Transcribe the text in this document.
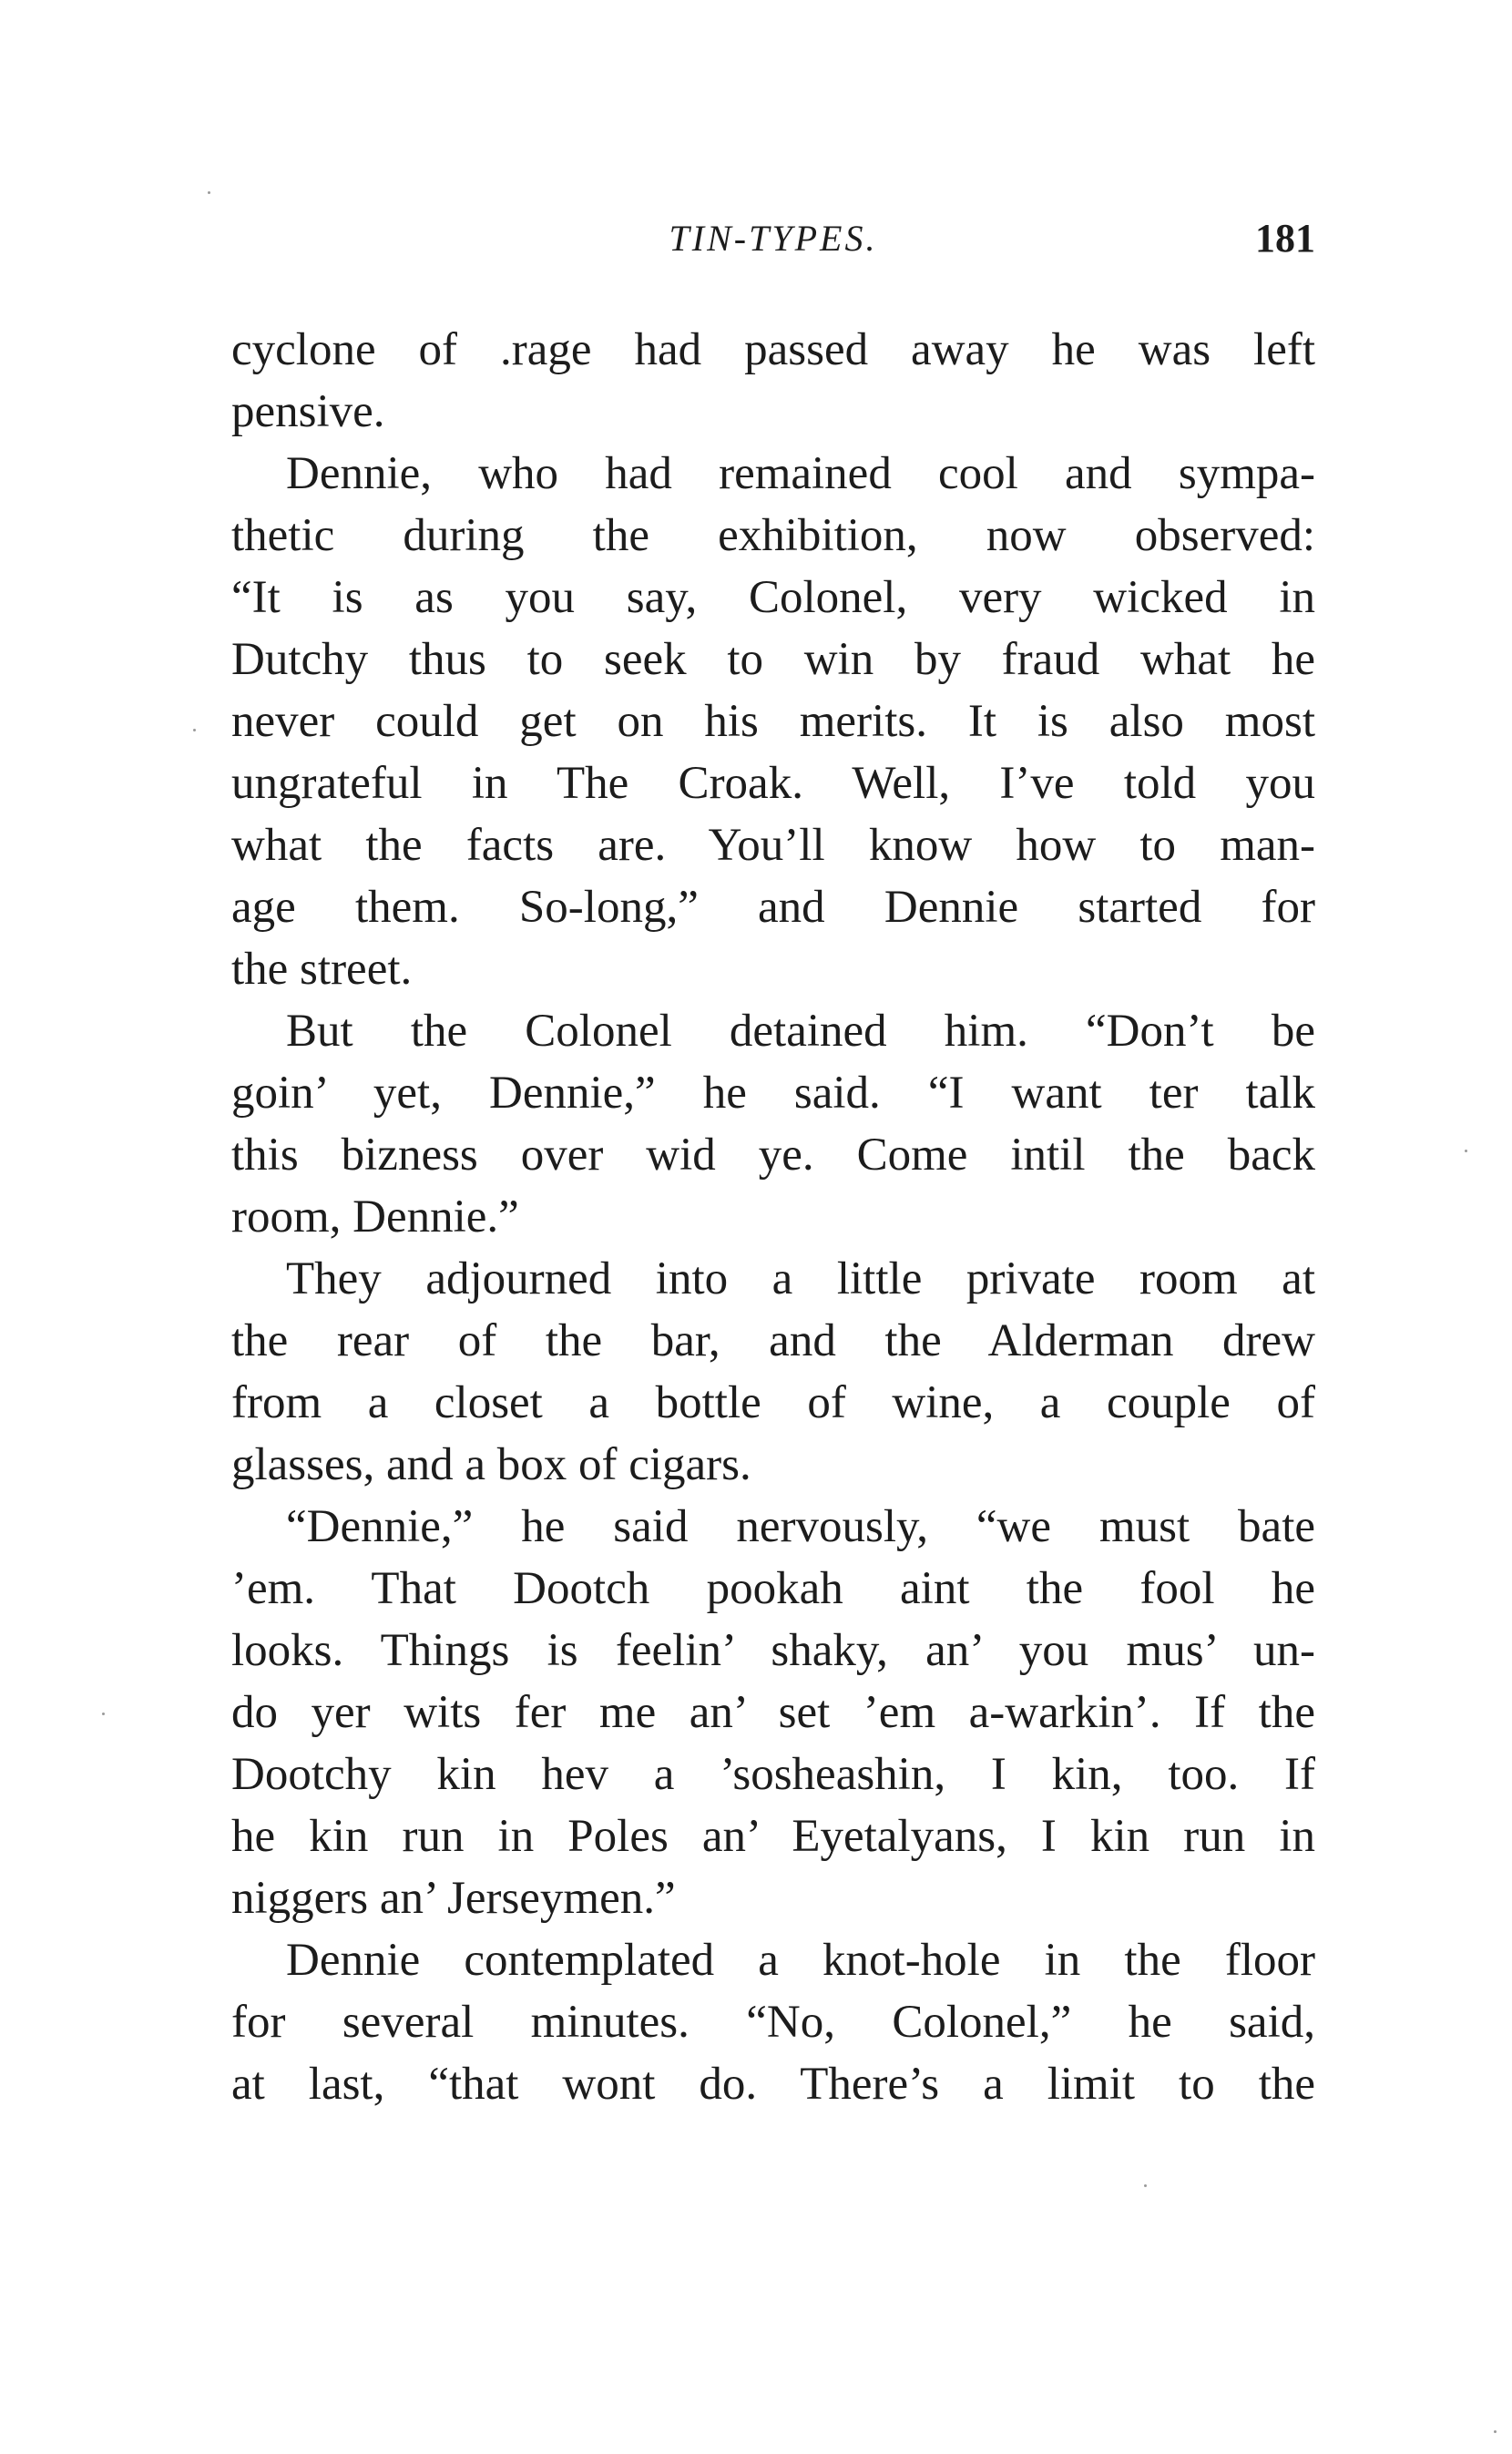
TIN-TYPES.	181
cyclone of .rage had passed away he was left
pensive.
Dennie, who had remained cool and sympa-
thetic during the exhibition, now observed:
“It is as you say, Colonel, very wicked in
Dutchy thus to seek to win by fraud what he
never could get on his merits. It is also most
ungrateful in The Croak. Well, I’ve told you
what the facts are. You’ll know how to man-
age them. So-long,” and Dennie started for
the street.
But the Colonel detained him. “Don’t be
goin’ yet, Dennie,” he said. “I want ter talk
this bizness over wid ye. Come intil the back
room, Dennie.”
They adjourned into a little private room at
the rear of the bar, and the Alderman drew
from a closet a bottle of wine, a couple of
glasses, and a box of cigars.
“Dennie,” he said nervously, “we must bate
’em. That Dootch pookah aint the fool he
looks. Things is feelin’ shaky, an’ you mus’ un-
do yer wits fer me an’ set ’em a-warkin’. If the
Dootchy kin hev a ’sosheashin, I kin, too. If
he kin run in Poles an’ Eyetalyans, I kin run in
niggers an’ Jerseymen.”
Dennie contemplated a knot-hole in the floor
for several minutes. “No, Colonel,” he said,
at last, “that wont do. There’s a limit to the
